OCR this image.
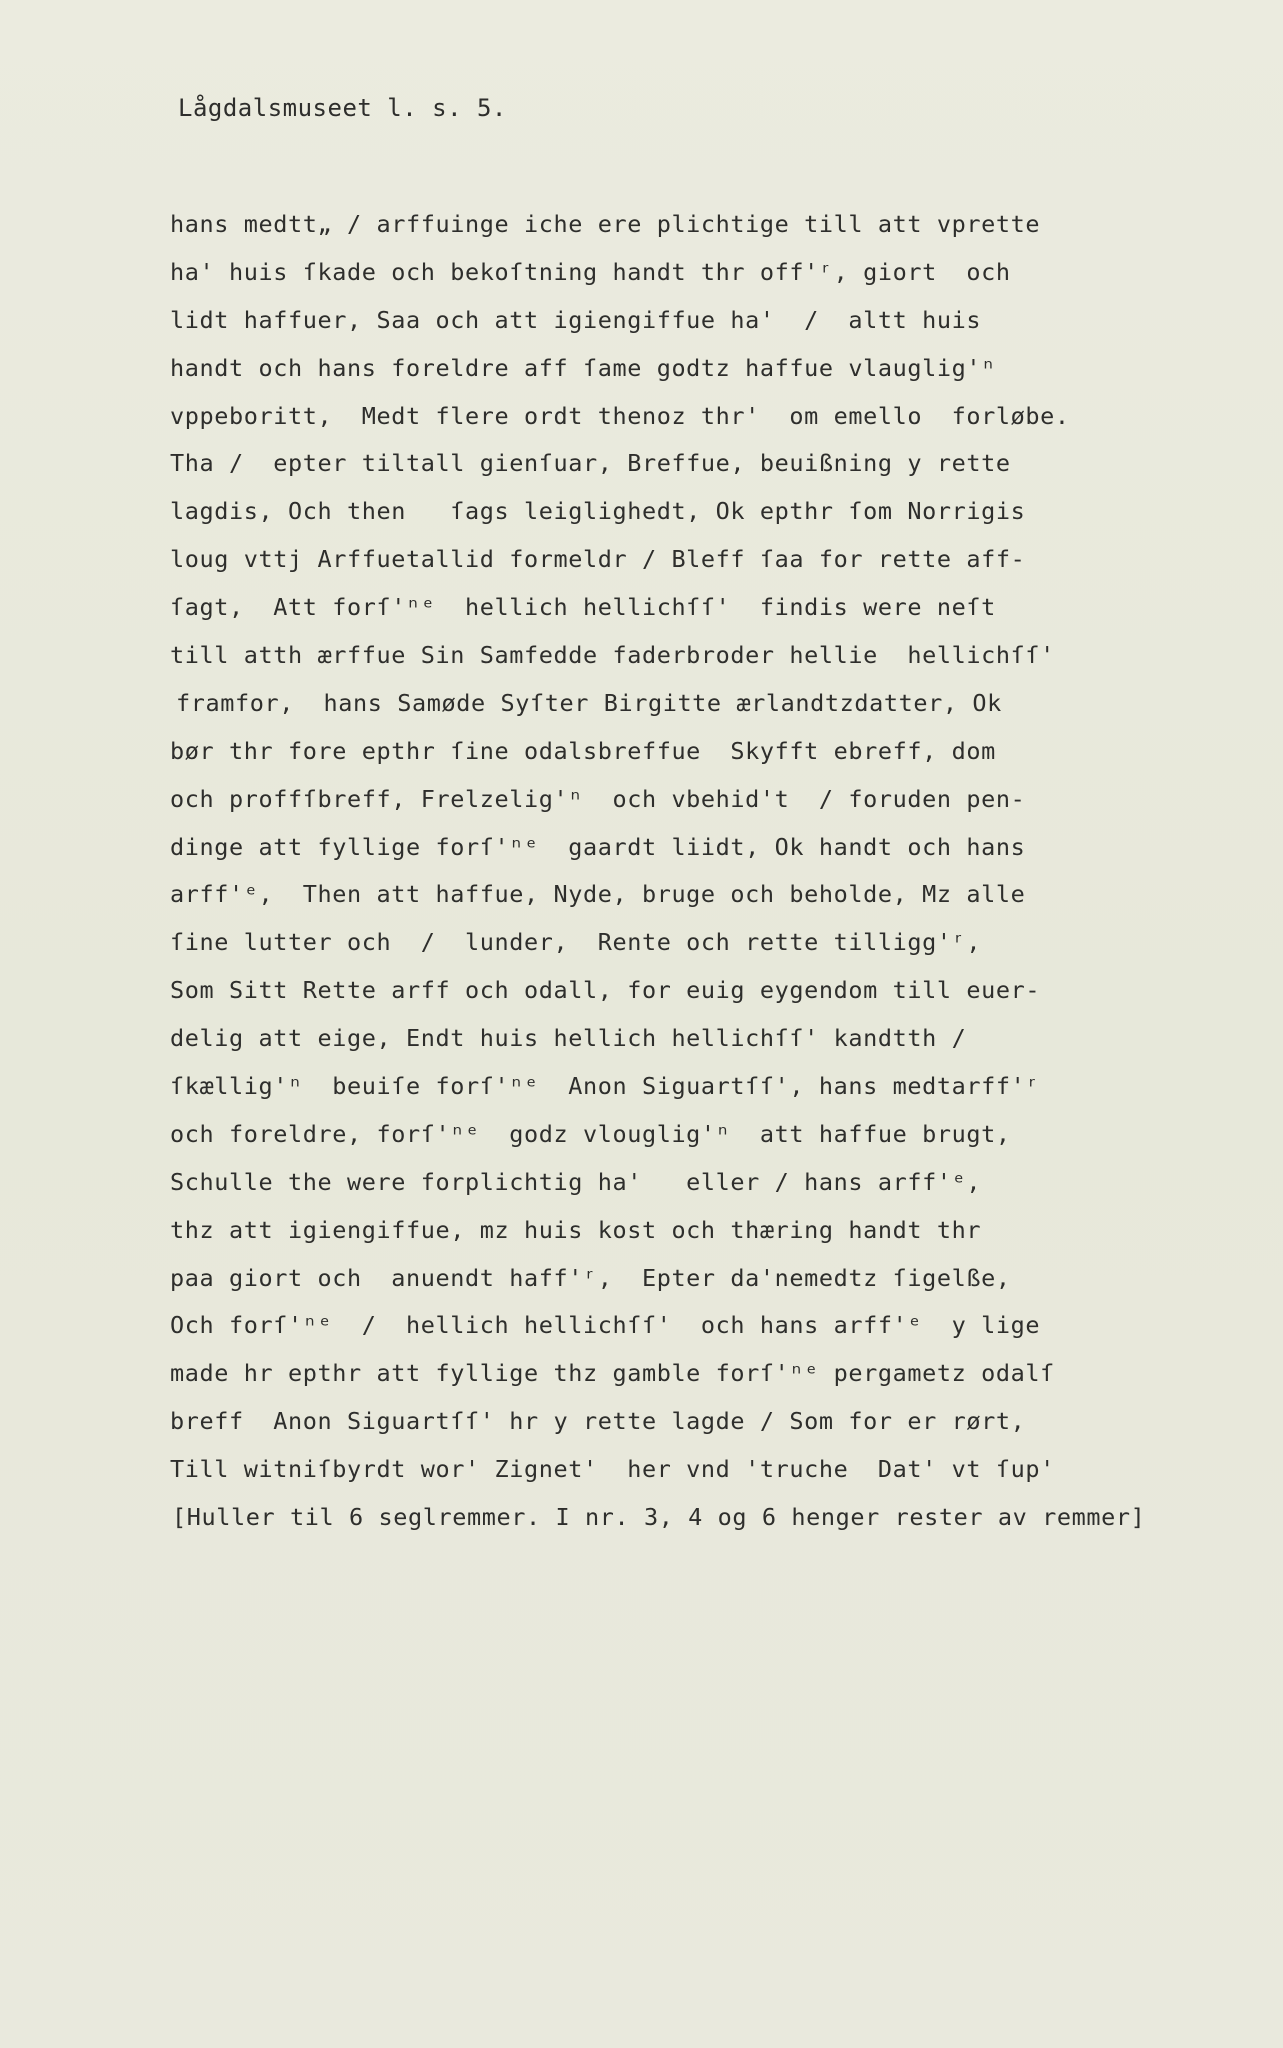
Lågdalsmuseet l. s. 5.
hans medtt„ / arffuinge iche ere plichtige till att vprette
ha' huis ſkade och bekoſtning handt thr off'ʳ, giort  och
lidt haffuer, Saa och att igiengiffue ha'  /  altt huis
handt och hans foreldre aff ſame godtz haffue vlauglig'ⁿ
vppeboritt,  Medt flere ordt thenoz thr'  om emello  forløbe.
Tha /  epter tiltall gienſuar, Breffue, beuißning y rette
lagdis, Och then   ſags leiglighedt, Ok epthr ſom Norrigis
loug vttj Arffuetallid formeldr / Bleff ſaa for rette aff-
ſagt,  Att forſ'ⁿᵉ  hellich hellichſſ'  findis were neſt
till atth ærffue Sin Samfedde faderbroder hellie  hellichſſ'
framfor,  hans Samøde Syſter Birgitte ærlandtzdatter, Ok
bør thr fore epthr ſine odalsbreffue  Skyfft ebreff, dom
och proffſbreff, Frelzelig'ⁿ  och vbehid't  / foruden pen-
dinge att fyllige forſ'ⁿᵉ  gaardt liidt, Ok handt och hans
arff'ᵉ,  Then att haffue, Nyde, bruge och beholde, Mz alle
ſine lutter och  /  lunder,  Rente och rette tilligg'ʳ,
Som Sitt Rette arff och odall, for euig eygendom till euer-
delig att eige, Endt huis hellich hellichſſ' kandtth /
ſkællig'ⁿ  beuiſe forſ'ⁿᵉ  Anon Siguartſſ', hans medtarff'ʳ
och foreldre, forſ'ⁿᵉ  godz vlouglig'ⁿ  att haffue brugt,
Schulle the were forplichtig ha'   eller / hans arff'ᵉ,
thz att igiengiffue, mz huis kost och thæring handt thr
paa giort och  anuendt haff'ʳ,  Epter da'nemedtz ſigelße,
Och forſ'ⁿᵉ  /  hellich hellichſſ'  och hans arff'ᵉ  y lige
made hr epthr att fyllige thz gamble forſ'ⁿᵉ pergametz odalſ
breff  Anon Siguartſſ' hr y rette lagde / Som for er rørt,
Till witniſbyrdt wor' Zignet'  her vnd 'truche  Dat' vt ſup'
[Huller til 6 seglremmer. I nr. 3, 4 og 6 henger rester av remmer]
